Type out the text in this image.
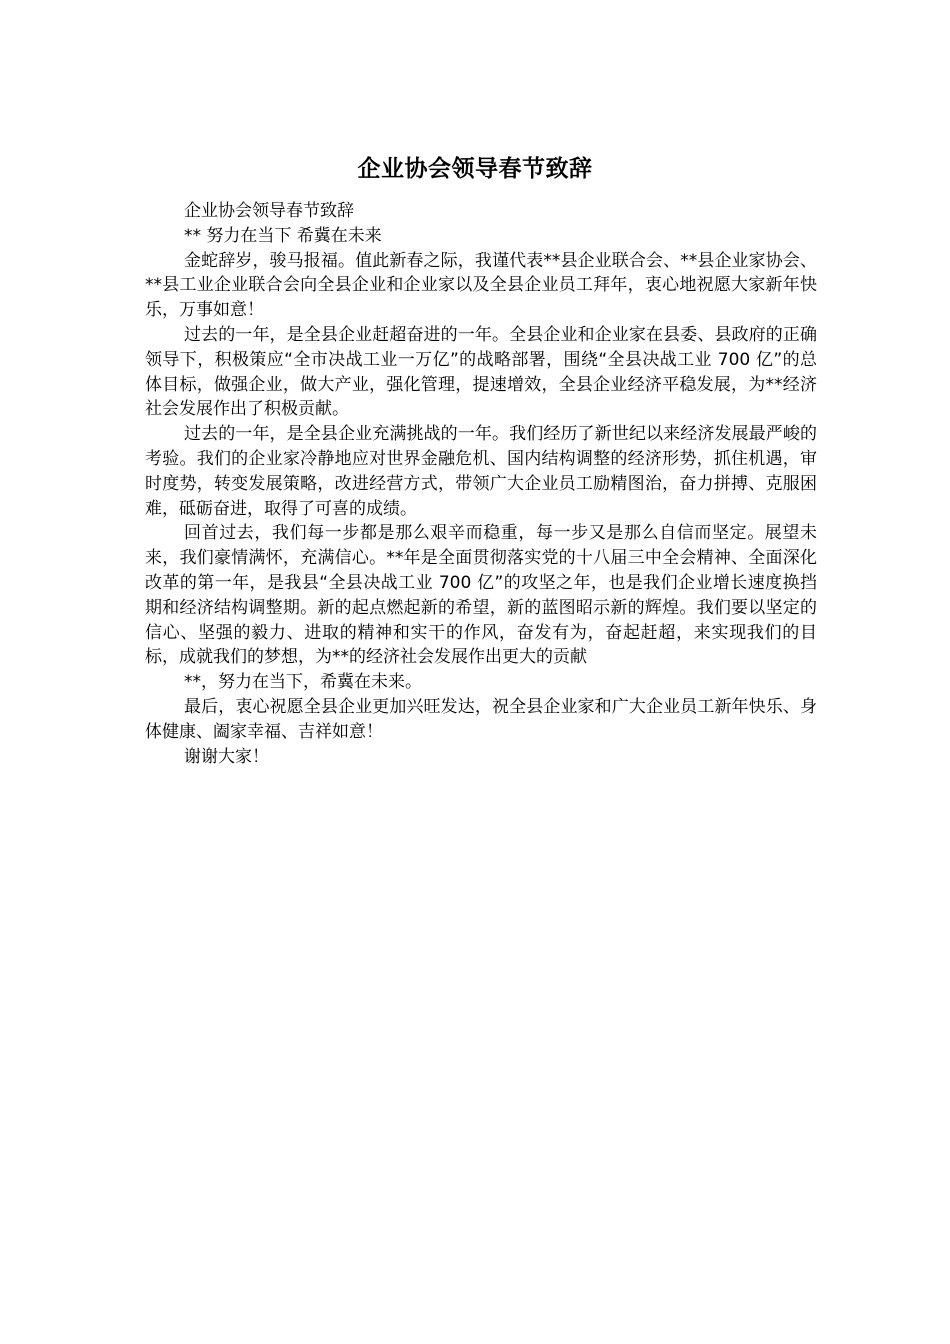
企业协会领导春节致辞

企业协会领导春节致辞

** 努力在当下 希冀在未来

金蛇辞岁，骏马报福。值此新春之际，我谨代表**县企业联合会、**县企业家协会、**县工业企业联合会向全县企业和企业家以及全县企业员工拜年，衷心地祝愿大家新年快乐，万事如意！

过去的一年，是全县企业赶超奋进的一年。全县企业和企业家在县委、县政府的正确领导下，积极策应“全市决战工业一万亿”的战略部署，围绕“全县决战工业 700 亿”的总体目标，做强企业，做大产业，强化管理，提速增效，全县企业经济平稳发展，为**经济社会发展作出了积极贡献。

过去的一年，是全县企业充满挑战的一年。我们经历了新世纪以来经济发展最严峻的考验。我们的企业家冷静地应对世界金融危机、国内结构调整的经济形势，抓住机遇，审时度势，转变发展策略，改进经营方式，带领广大企业员工励精图治，奋力拼搏、克服困难，砥砺奋进，取得了可喜的成绩。

回首过去，我们每一步都是那么艰辛而稳重，每一步又是那么自信而坚定。展望未来，我们豪情满怀，充满信心。**年是全面贯彻落实党的十八届三中全会精神、全面深化改革的第一年，是我县“全县决战工业 700 亿”的攻坚之年，也是我们企业增长速度换挡期和经济结构调整期。新的起点燃起新的希望，新的蓝图昭示新的辉煌。我们要以坚定的信心、坚强的毅力、进取的精神和实干的作风，奋发有为，奋起赶超，来实现我们的目标，成就我们的梦想，为**的经济社会发展作出更大的贡献

**，努力在当下，希冀在未来。

最后，衷心祝愿全县企业更加兴旺发达，祝全县企业家和广大企业员工新年快乐、身体健康、阖家幸福、吉祥如意！

谢谢大家！
